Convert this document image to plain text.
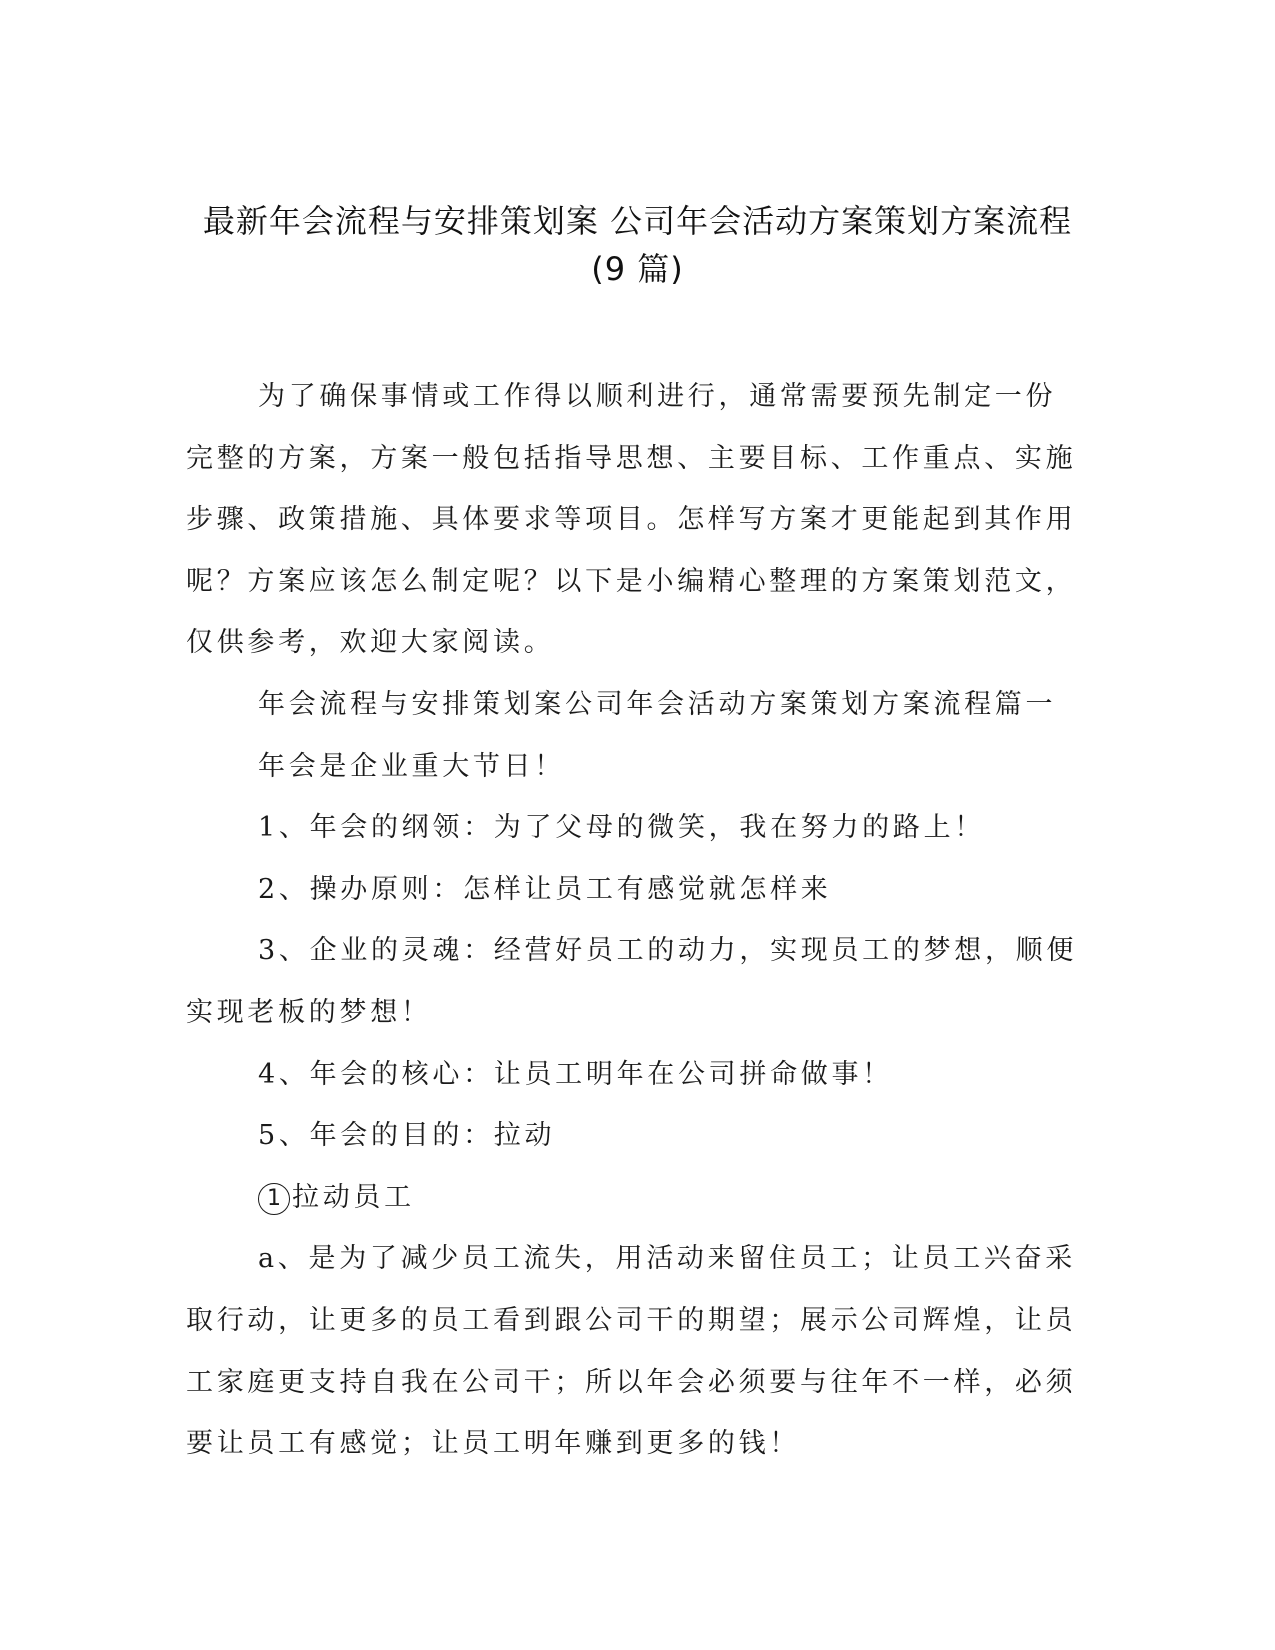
最新年会流程与安排策划案 公司年会活动方案策划方案流程
(9 篇)

为了确保事情或工作得以顺利进行，通常需要预先制定一份完整的方案，方案一般包括指导思想、主要目标、工作重点、实施步骤、政策措施、具体要求等项目。怎样写方案才更能起到其作用呢？方案应该怎么制定呢？以下是小编精心整理的方案策划范文，仅供参考，欢迎大家阅读。

年会流程与安排策划案公司年会活动方案策划方案流程篇一

年会是企业重大节日！

1、年会的纲领：为了父母的微笑，我在努力的路上！

2、操办原则：怎样让员工有感觉就怎样来

3、企业的灵魂：经营好员工的动力，实现员工的梦想，顺便实现老板的梦想！

4、年会的核心：让员工明年在公司拼命做事！

5、年会的目的：拉动

1 拉动员工

a、是为了减少员工流失，用活动来留住员工；让员工兴奋采取行动，让更多的员工看到跟公司干的期望；展示公司辉煌，让员工家庭更支持自我在公司干；所以年会必须要与往年不一样，必须要让员工有感觉；让员工明年赚到更多的钱！
